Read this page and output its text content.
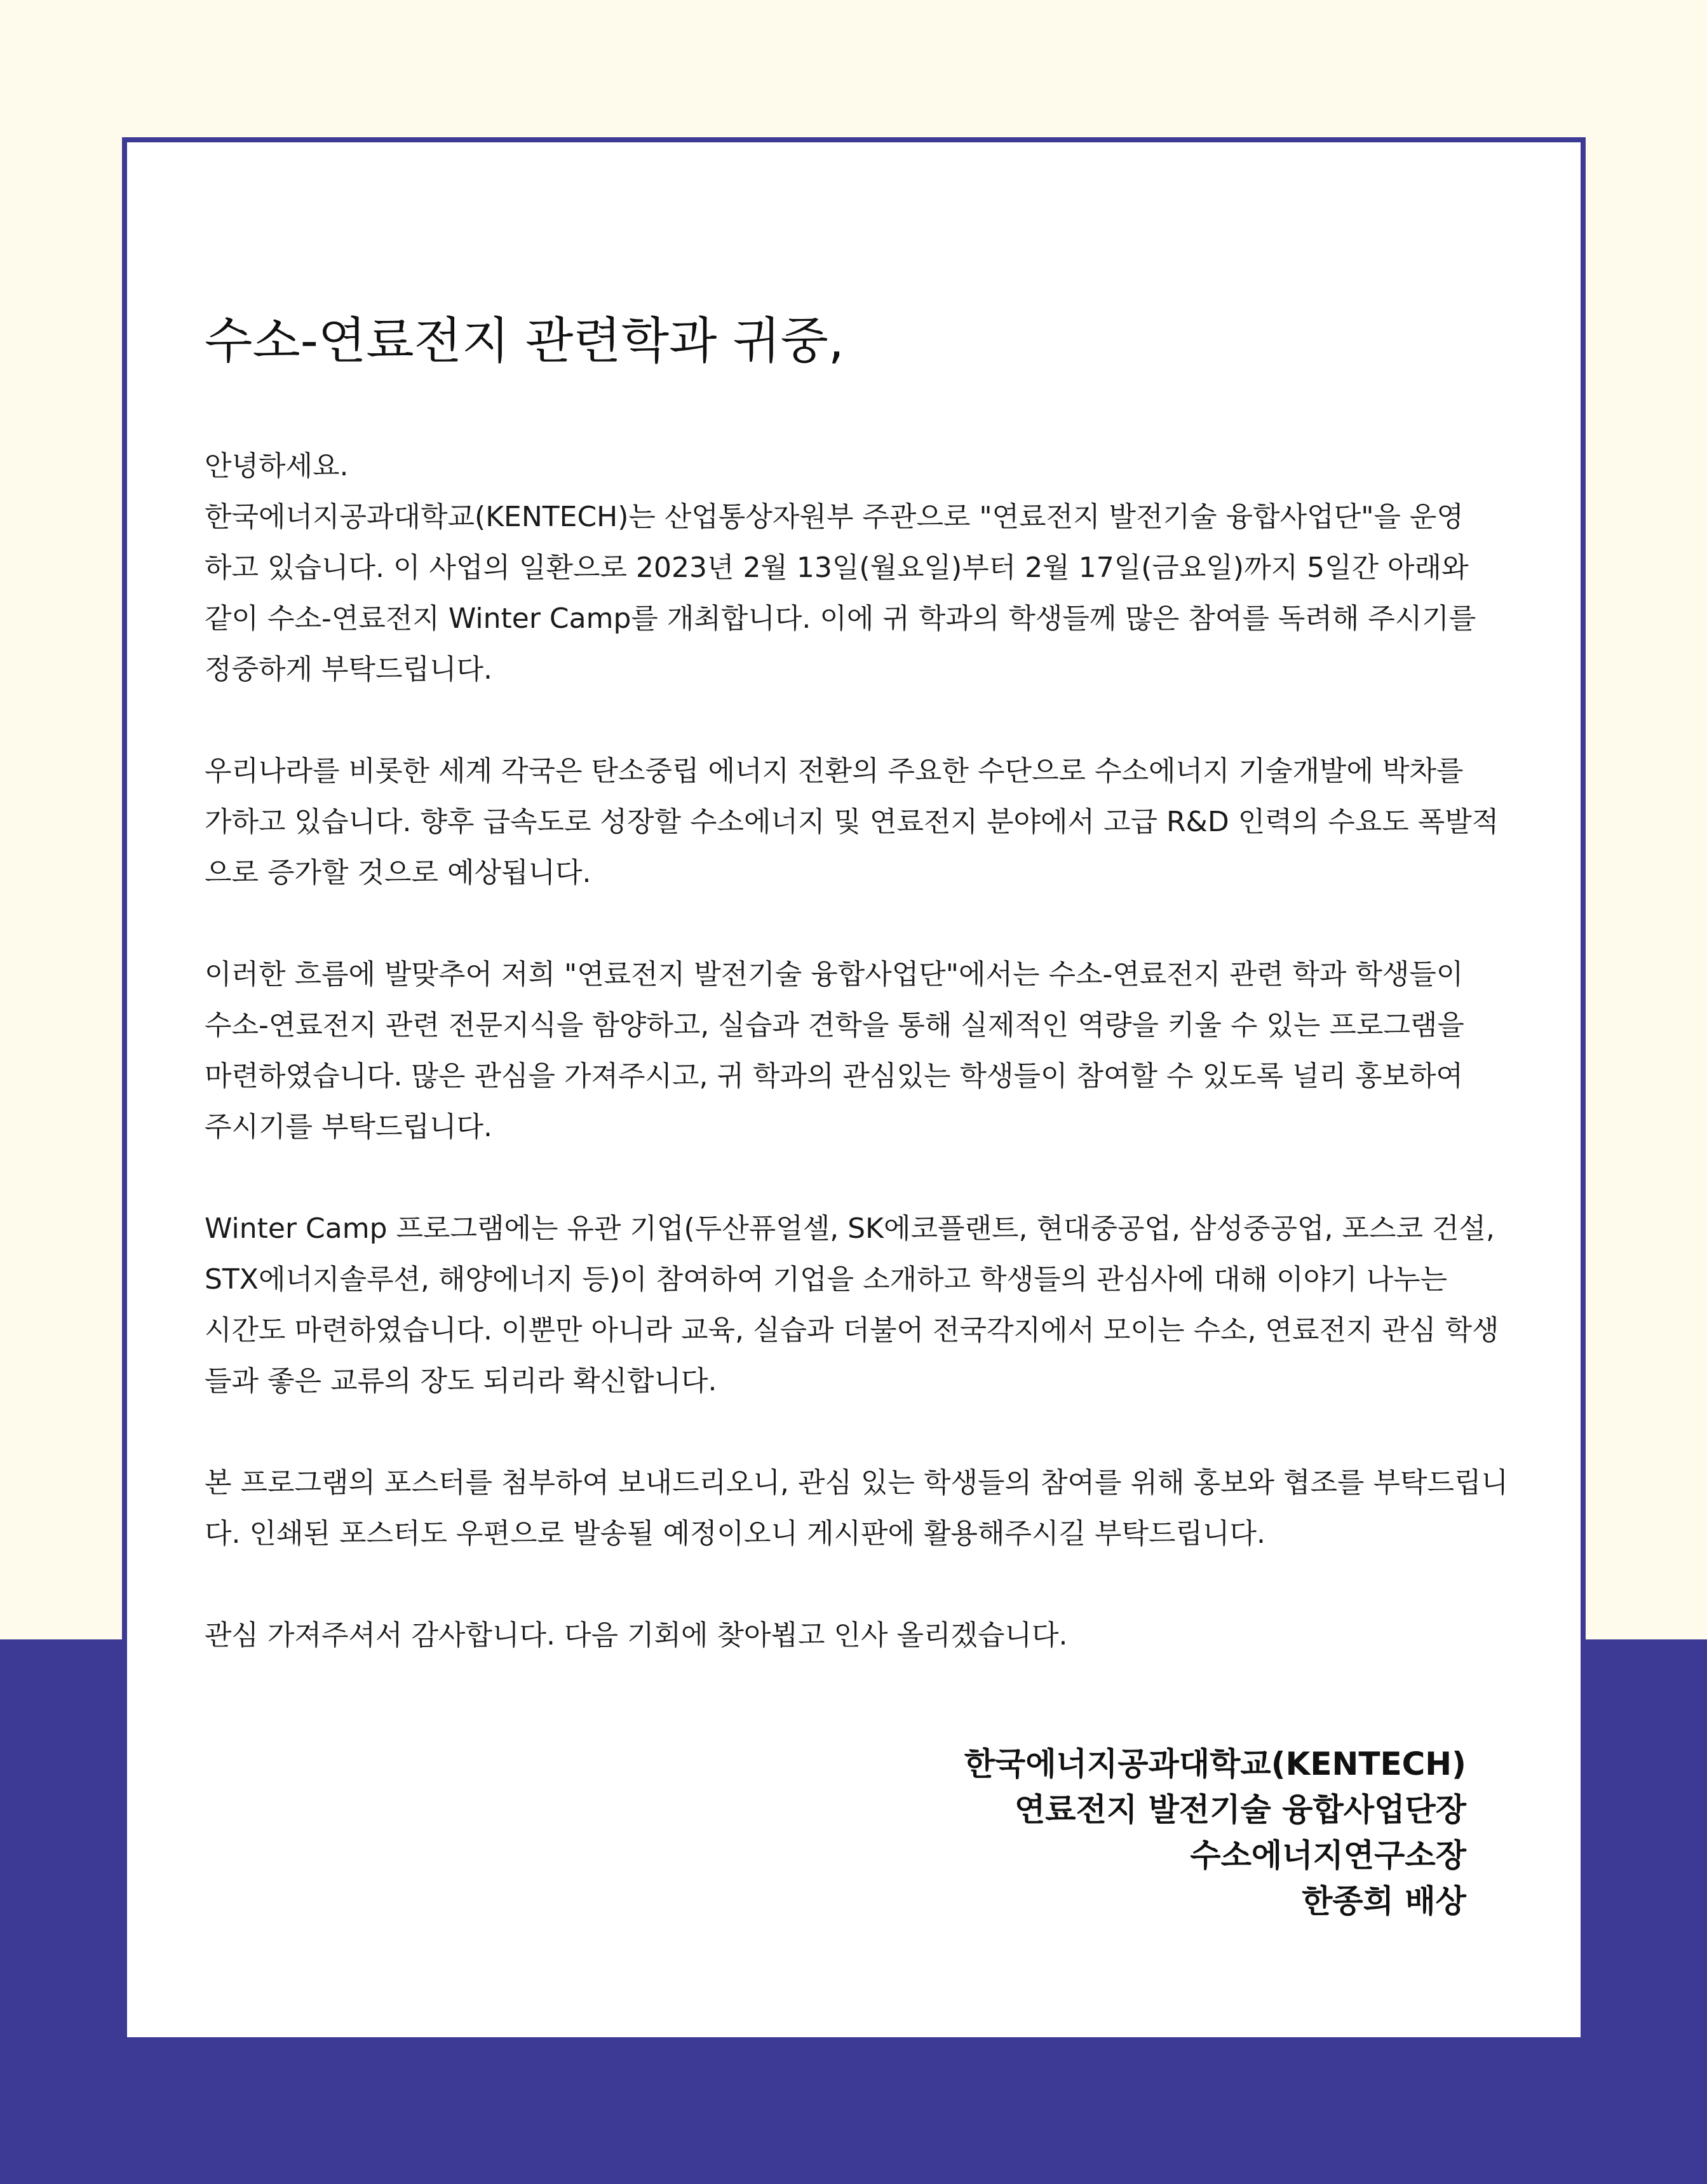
수소-연료전지 관련학과 귀중,

안녕하세요.
한국에너지공과대학교(KENTECH)는 산업통상자원부 주관으로 "연료전지 발전기술 융합사업단"을 운영
하고 있습니다. 이 사업의 일환으로 2023년 2월 13일(월요일)부터 2월 17일(금요일)까지 5일간 아래와
같이 수소-연료전지 Winter Camp를 개최합니다. 이에 귀 학과의 학생들께 많은 참여를 독려해 주시기를
정중하게 부탁드립니다.

우리나라를 비롯한 세계 각국은 탄소중립 에너지 전환의 주요한 수단으로 수소에너지 기술개발에 박차를
가하고 있습니다. 향후 급속도로 성장할 수소에너지 및 연료전지 분야에서 고급 R&D 인력의 수요도 폭발적
으로 증가할 것으로 예상됩니다.

이러한 흐름에 발맞추어 저희 "연료전지 발전기술 융합사업단"에서는 수소-연료전지 관련 학과 학생들이
수소-연료전지 관련 전문지식을 함양하고, 실습과 견학을 통해 실제적인 역량을 키울 수 있는 프로그램을
마련하였습니다. 많은 관심을 가져주시고, 귀 학과의 관심있는 학생들이 참여할 수 있도록 널리 홍보하여
주시기를 부탁드립니다.

Winter Camp 프로그램에는 유관 기업(두산퓨얼셀, SK에코플랜트, 현대중공업, 삼성중공업, 포스코 건설,
STX에너지솔루션, 해양에너지 등)이 참여하여 기업을 소개하고 학생들의 관심사에 대해 이야기 나누는
시간도 마련하였습니다. 이뿐만 아니라 교육, 실습과 더불어 전국각지에서 모이는 수소, 연료전지 관심 학생
들과 좋은 교류의 장도 되리라 확신합니다.

본 프로그램의 포스터를 첨부하여 보내드리오니, 관심 있는 학생들의 참여를 위해 홍보와 협조를 부탁드립니
다. 인쇄된 포스터도 우편으로 발송될 예정이오니 게시판에 활용해주시길 부탁드립니다.

관심 가져주셔서 감사합니다. 다음 기회에 찾아뵙고 인사 올리겠습니다.

한국에너지공과대학교(KENTECH)
연료전지 발전기술 융합사업단장
수소에너지연구소장
한종희 배상
